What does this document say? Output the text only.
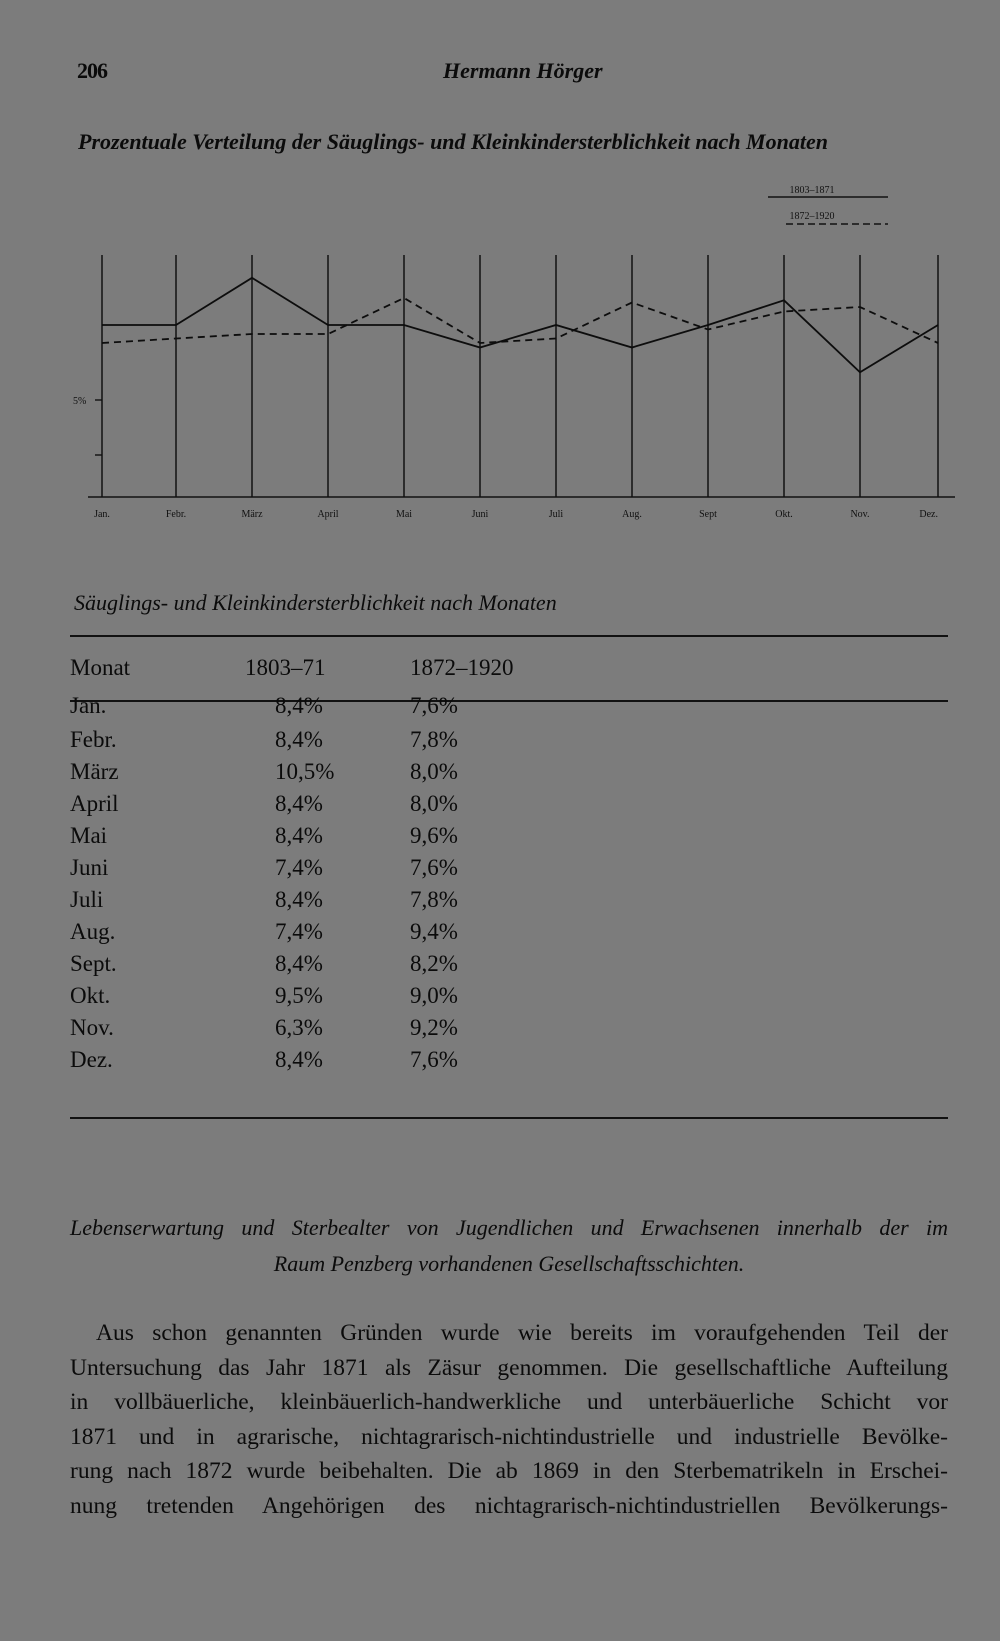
206	Hermann Hörger
Prozentuale Verteilung der Säuglings- und Kleinkindersterblichkeit nach Monaten
1803–1871
1872–1920
5%
Jan.	Febr.	März	April	Mai	Juni	Juli	Aug.	Sept	Okt.	Nov.	Dez.
Säuglings- und Kleinkindersterblichkeit nach Monaten
Monat	1803–71	1872–1920
Jan.	8,4%	7,6%
Febr.	8,4%	7,8%
März	10,5%	8,0%
April	8,4%	8,0%
Mai	8,4%	9,6%
Juni	7,4%	7,6%
Juli	8,4%	7,8%
Aug.	7,4%	9,4%
Sept.	8,4%	8,2%
Okt.	9,5%	9,0%
Nov.	6,3%	9,2%
Dez.	8,4%	7,6%
Lebenserwartung und Sterbealter von Jugendlichen und Erwachsenen innerhalb der im
Raum Penzberg vorhandenen Gesellschaftsschichten.
Aus schon genannten Gründen wurde wie bereits im voraufgehenden Teil der
Untersuchung das Jahr 1871 als Zäsur genommen. Die gesellschaftliche Aufteilung
in vollbäuerliche, kleinbäuerlich-handwerkliche und unterbäuerliche Schicht vor
1871 und in agrarische, nichtagrarisch-nichtindustrielle und industrielle Bevölke-
rung nach 1872 wurde beibehalten. Die ab 1869 in den Sterbematrikeln in Erschei-
nung tretenden Angehörigen des nichtagrarisch-nichtindustriellen Bevölkerungs-
